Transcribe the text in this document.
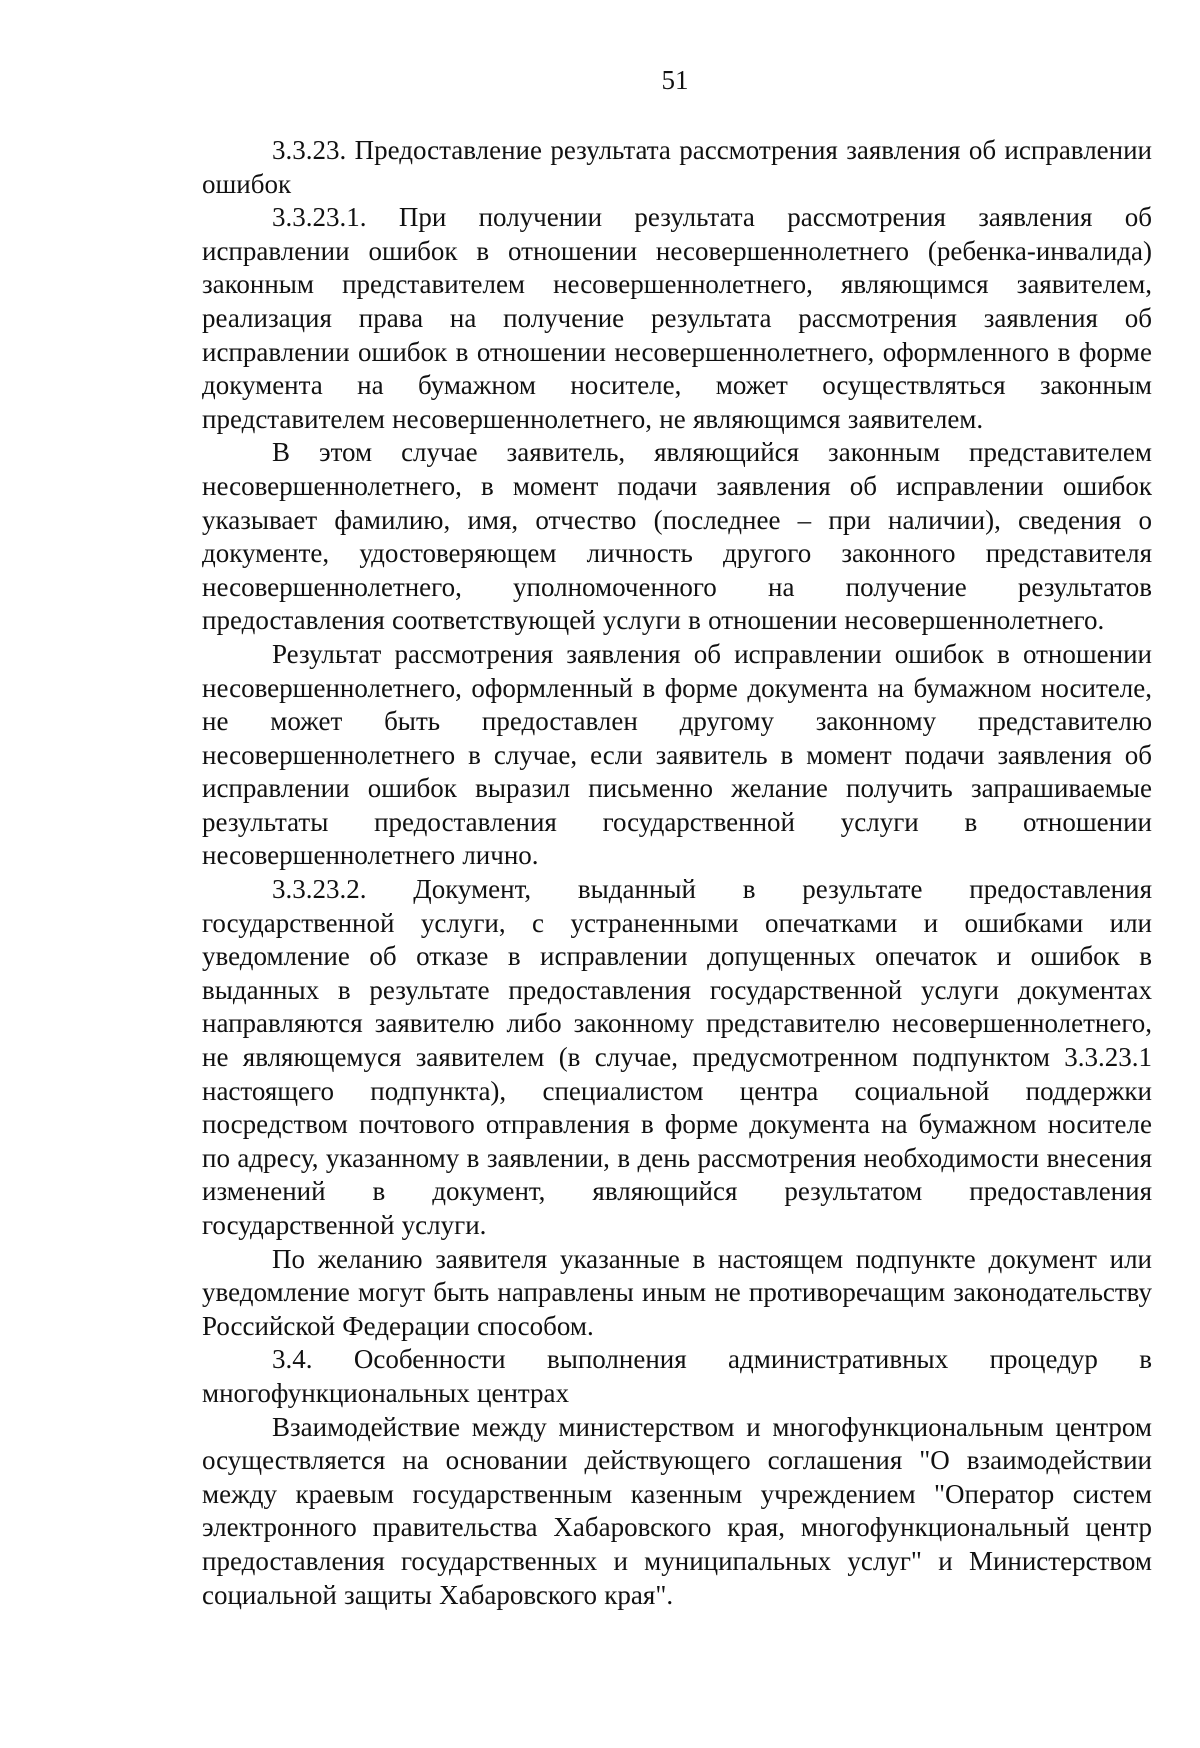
51

3.3.23. Предоставление результата рассмотрения заявления об исправлении ошибок

3.3.23.1. При получении результата рассмотрения заявления об исправлении ошибок в отношении несовершеннолетнего (ребенка-инвалида) законным представителем несовершеннолетнего, являющимся заявителем, реализация права на получение результата рассмотрения заявления об исправлении ошибок в отношении несовершеннолетнего, оформленного в форме документа на бумажном носителе, может осуществляться законным представителем несовершеннолетнего, не являющимся заявителем.

В этом случае заявитель, являющийся законным представителем несовершеннолетнего, в момент подачи заявления об исправлении ошибок указывает фамилию, имя, отчество (последнее – при наличии), сведения о документе, удостоверяющем личность другого законного представителя несовершеннолетнего, уполномоченного на получение результатов предоставления соответствующей услуги в отношении несовершеннолетнего.

Результат рассмотрения заявления об исправлении ошибок в отношении несовершеннолетнего, оформленный в форме документа на бумажном носителе, не может быть предоставлен другому законному представителю несовершеннолетнего в случае, если заявитель в момент подачи заявления об исправлении ошибок выразил письменно желание получить запрашиваемые результаты предоставления государственной услуги в отношении несовершеннолетнего лично.

3.3.23.2. Документ, выданный в результате предоставления государственной услуги, с устраненными опечатками и ошибками или уведомление об отказе в исправлении допущенных опечаток и ошибок в выданных в результате предоставления государственной услуги документах направляются заявителю либо законному представителю несовершеннолетнего, не являющемуся заявителем (в случае, предусмотренном подпунктом 3.3.23.1 настоящего подпункта), специалистом центра социальной поддержки посредством почтового отправления в форме документа на бумажном носителе по адресу, указанному в заявлении, в день рассмотрения необходимости внесения изменений в документ, являющийся результатом предоставления государственной услуги.

По желанию заявителя указанные в настоящем подпункте документ или уведомление могут быть направлены иным не противоречащим законодательству Российской Федерации способом.

3.4. Особенности выполнения административных процедур в многофункциональных центрах

Взаимодействие между министерством и многофункциональным центром осуществляется на основании действующего соглашения "О взаимодействии между краевым государственным казенным учреждением "Оператор систем электронного правительства Хабаровского края, многофункциональный центр предоставления государственных и муниципальных услуг" и Министерством социальной защиты Хабаровского края".
